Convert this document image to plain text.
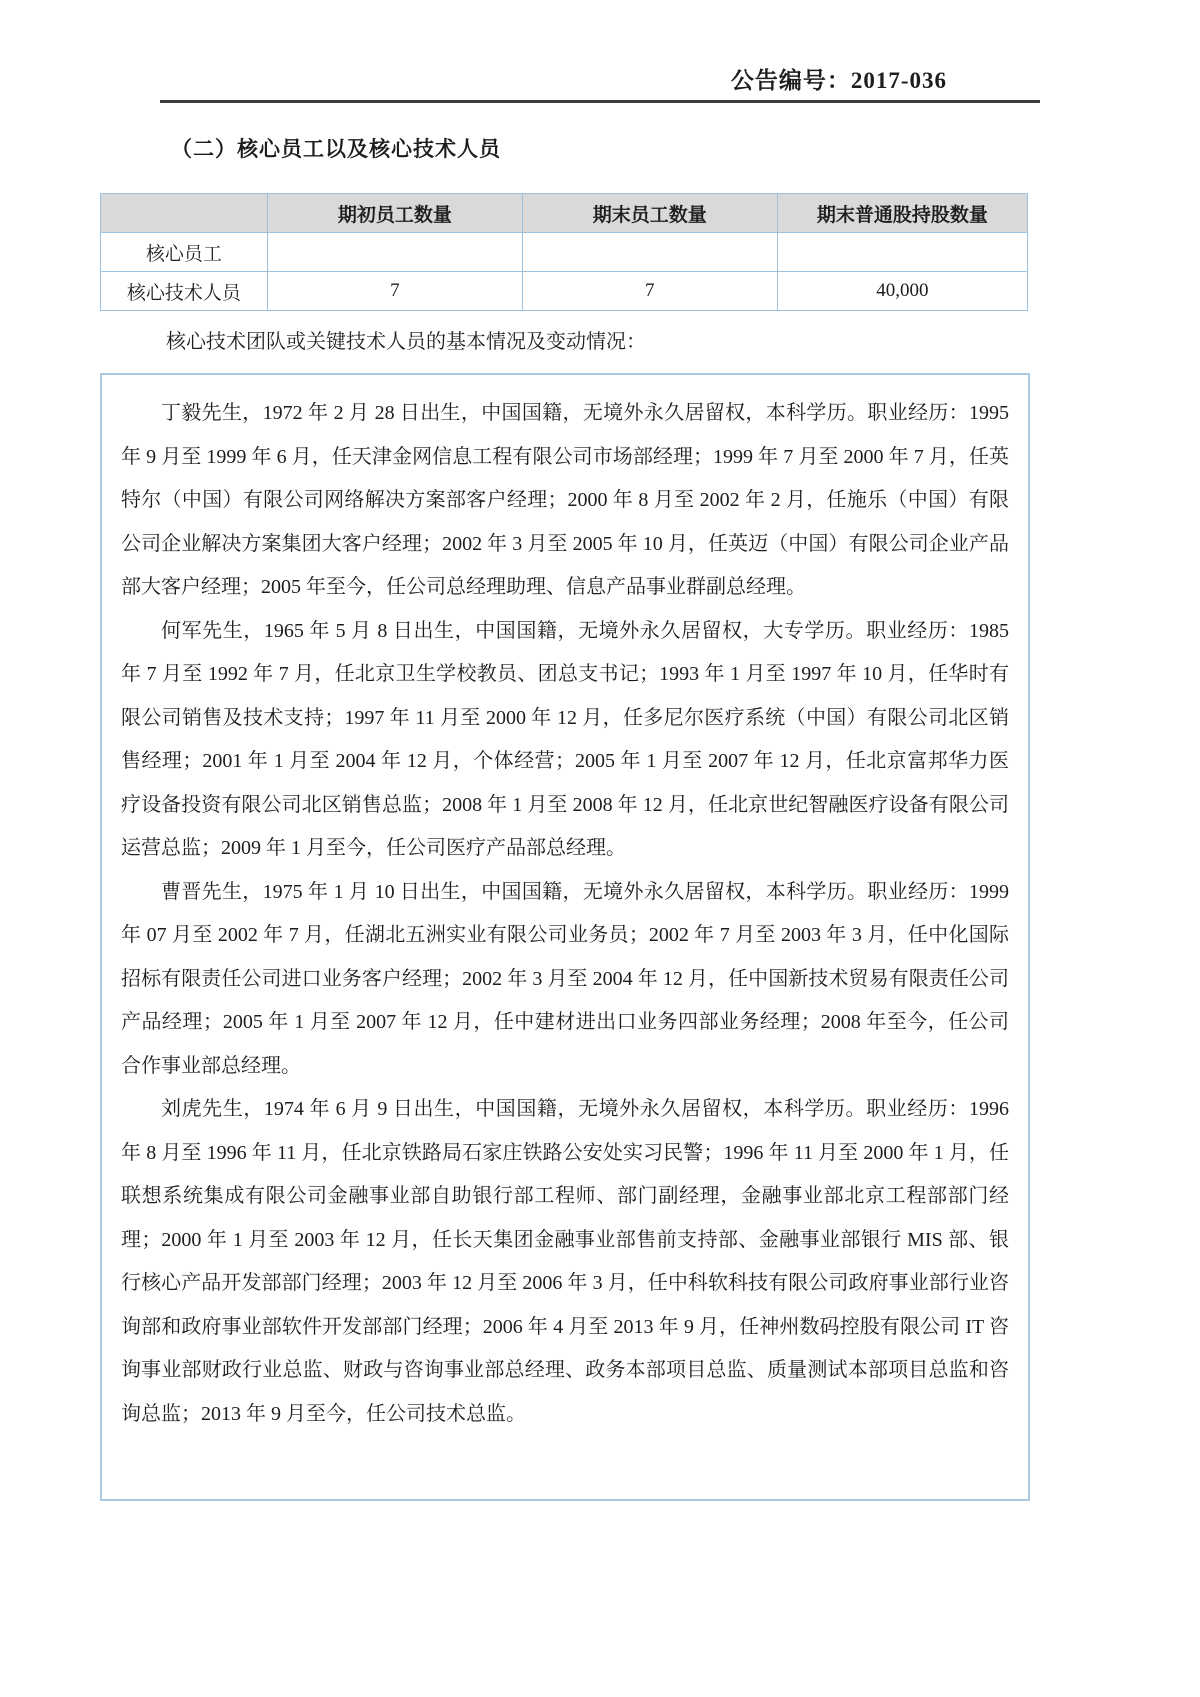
公告编号：2017-036
（二）核心员工以及核心技术人员
	期初员工数量	期末员工数量	期末普通股持股数量
核心员工			
核心技术人员	7	7	40,000
核心技术团队或关键技术人员的基本情况及变动情况：

丁毅先生，1972 年 2 月 28 日出生，中国国籍，无境外永久居留权，本科学历。职业经历：1995 年 9 月至 1999 年 6 月，任天津金网信息工程有限公司市场部经理；1999 年 7 月至 2000 年 7 月，任英特尔（中国）有限公司网络解决方案部客户经理；2000 年 8 月至 2002 年 2 月，任施乐（中国）有限公司企业解决方案集团大客户经理；2002 年 3 月至 2005 年 10 月，任英迈（中国）有限公司企业产品部大客户经理；2005 年至今，任公司总经理助理、信息产品事业群副总经理。

何军先生，1965 年 5 月 8 日出生，中国国籍，无境外永久居留权，大专学历。职业经历：1985 年 7 月至 1992 年 7 月，任北京卫生学校教员、团总支书记；1993 年 1 月至 1997 年 10 月，任华时有限公司销售及技术支持；1997 年 11 月至 2000 年 12 月，任多尼尔医疗系统（中国）有限公司北区销售经理；2001 年 1 月至 2004 年 12 月，个体经营；2005 年 1 月至 2007 年 12 月，任北京富邦华力医疗设备投资有限公司北区销售总监；2008 年 1 月至 2008 年 12 月，任北京世纪智融医疗设备有限公司运营总监；2009 年 1 月至今，任公司医疗产品部总经理。

曹晋先生，1975 年 1 月 10 日出生，中国国籍，无境外永久居留权，本科学历。职业经历：1999 年 07 月至 2002 年 7 月，任湖北五洲实业有限公司业务员；2002 年 7 月至 2003 年 3 月，任中化国际招标有限责任公司进口业务客户经理；2002 年 3 月至 2004 年 12 月，任中国新技术贸易有限责任公司产品经理；2005 年 1 月至 2007 年 12 月，任中建材进出口业务四部业务经理；2008 年至今，任公司合作事业部总经理。

刘虎先生，1974 年 6 月 9 日出生，中国国籍，无境外永久居留权，本科学历。职业经历：1996 年 8 月至 1996 年 11 月，任北京铁路局石家庄铁路公安处实习民警；1996 年 11 月至 2000 年 1 月，任联想系统集成有限公司金融事业部自助银行部工程师、部门副经理，金融事业部北京工程部部门经理；2000 年 1 月至 2003 年 12 月，任长天集团金融事业部售前支持部、金融事业部银行 MIS 部、银行核心产品开发部部门经理；2003 年 12 月至 2006 年 3 月，任中科软科技有限公司政府事业部行业咨询部和政府事业部软件开发部部门经理；2006 年 4 月至 2013 年 9 月，任神州数码控股有限公司 IT 咨询事业部财政行业总监、财政与咨询事业部总经理、政务本部项目总监、质量测试本部项目总监和咨询总监；2013 年 9 月至今，任公司技术总监。
